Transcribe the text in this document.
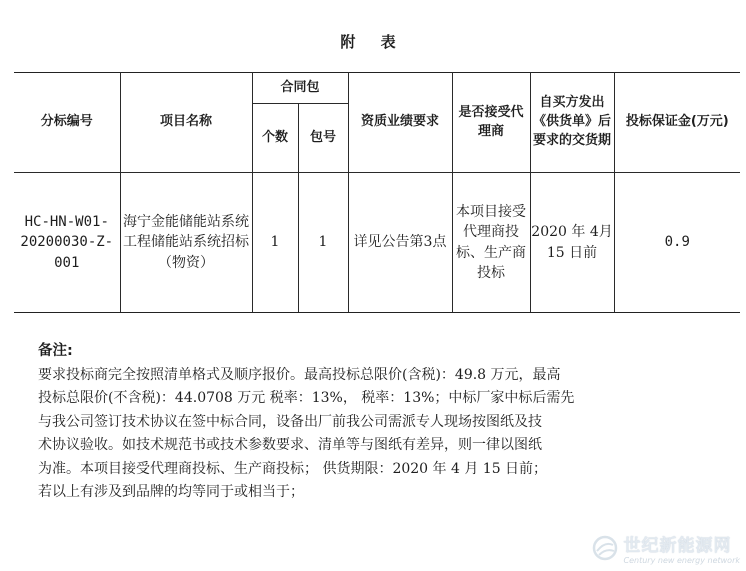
附 表
分标编号	项目名称	合同包		资质业绩要求	是否接受代理商	自买方发出《供货单》后要求的交货期	投标保证金(万元)
		个数	包号				
HC-HN-W01-20200030-Z-001	海宁金能储能站系统工程储能站系统招标（物资）	1	1	详见公告第3点	本项目接受代理商投标、生产商投标	2020 年 4月 15 日前	0.9
备注:

要求投标商完全按照清单格式及顺序报价。最高投标总限价(含税)：49.8 万元，最高

投标总限价(不含税)：44.0708 万元 税率：13%， 税率：13%；中标厂家中标后需先

与我公司签订技术协议在签中标合同，设备出厂前我公司需派专人现场按图纸及技

术协议验收。如技术规范书或技术参数要求、清单等与图纸有差异，则一律以图纸

为准。本项目接受代理商投标、生产商投标； 供货期限：2020 年 4 月 15 日前；

若以上有涉及到品牌的均等同于或相当于；

世纪新能源网
Century new energy network
